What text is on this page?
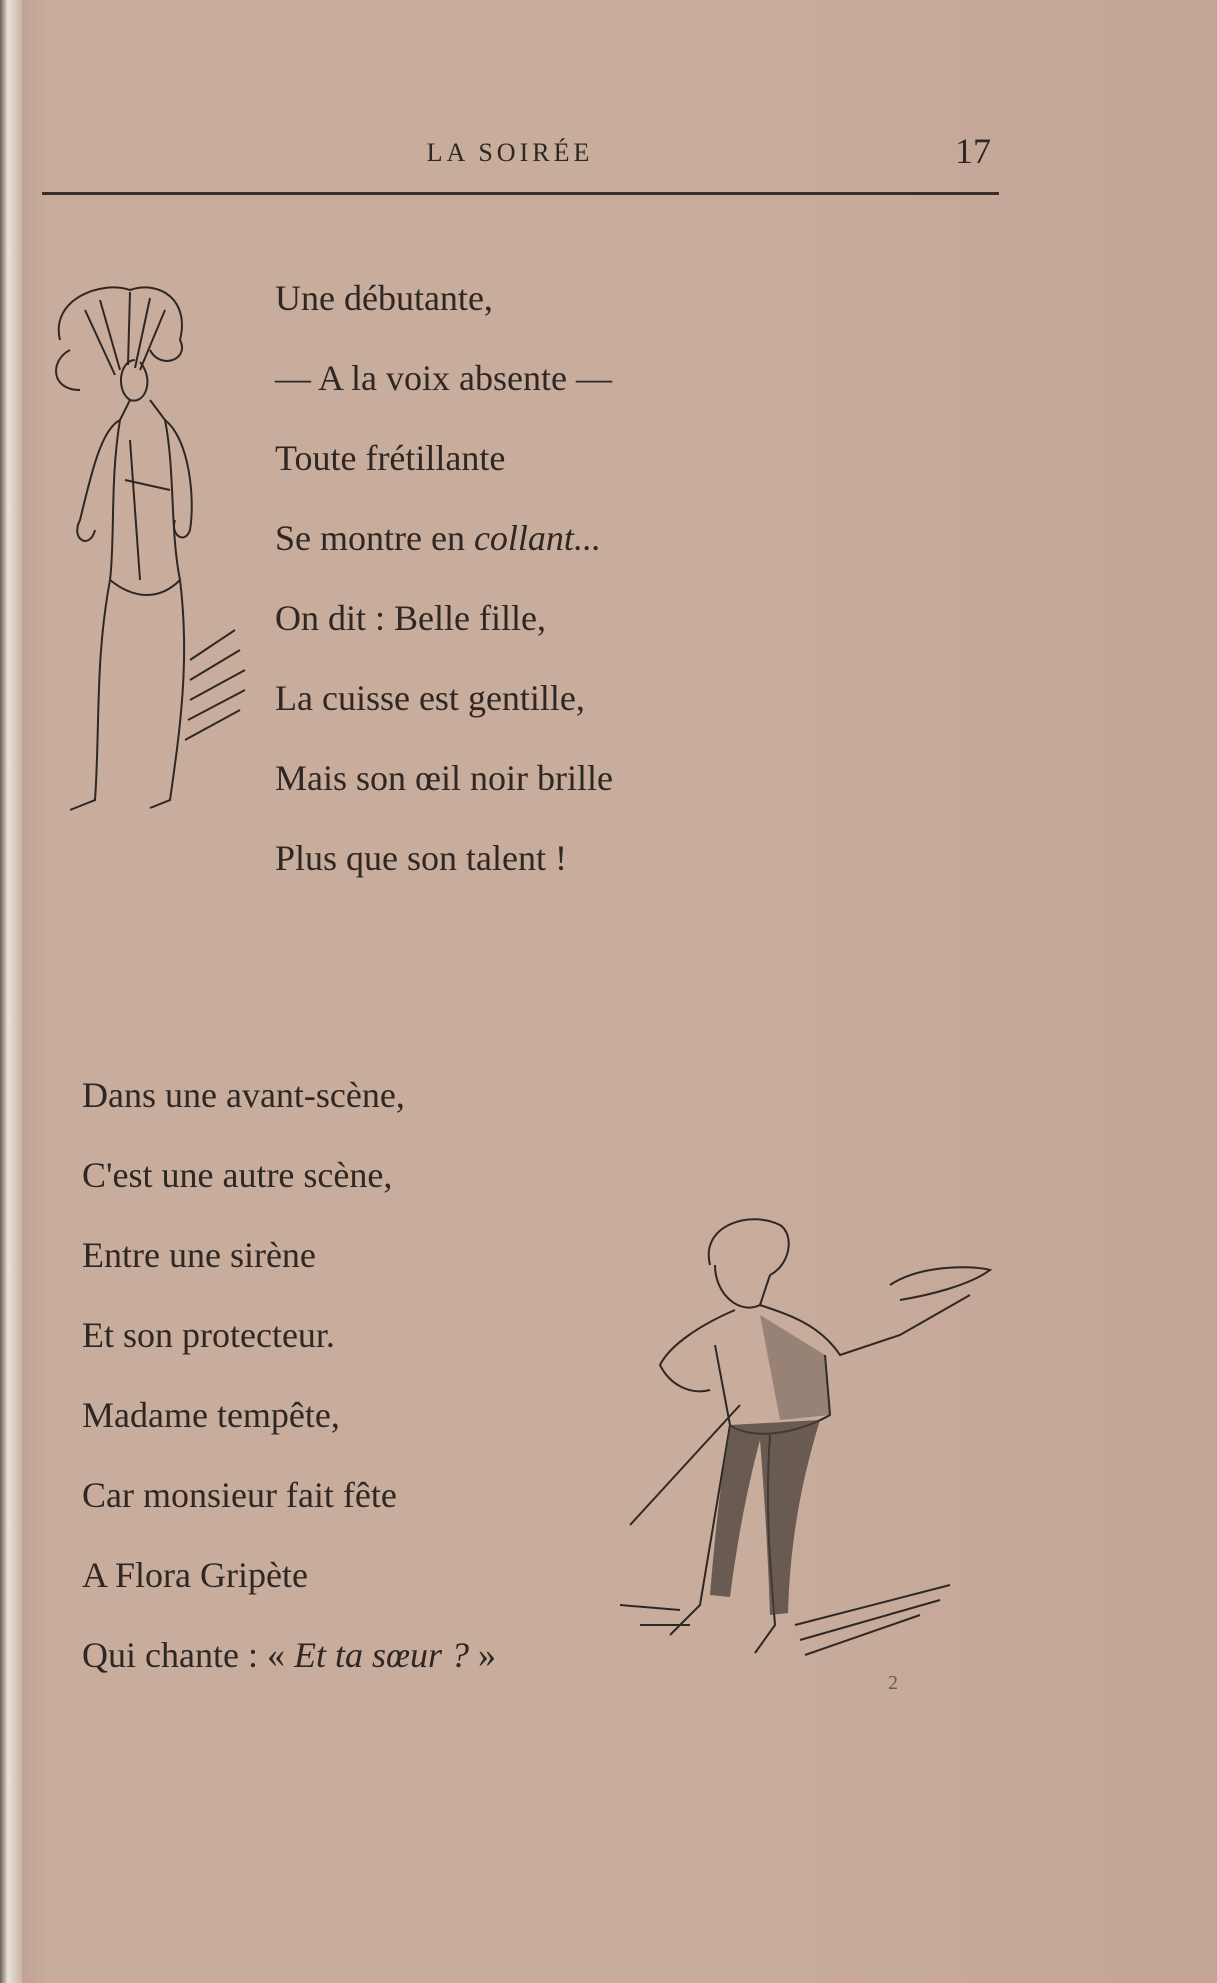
LA SOIRÉE	17
Une débutante,
— A la voix absente —
Toute frétillante
Se montre en collant...
On dit : Belle fille,
La cuisse est gentille,
Mais son œil noir brille
Plus que son talent !
Dans une avant-scène,
C'est une autre scène,
Entre une sirène
Et son protecteur.
Madame tempête,
Car monsieur fait fête
A Flora Gripète
Qui chante : « Et ta sœur ? »
2
